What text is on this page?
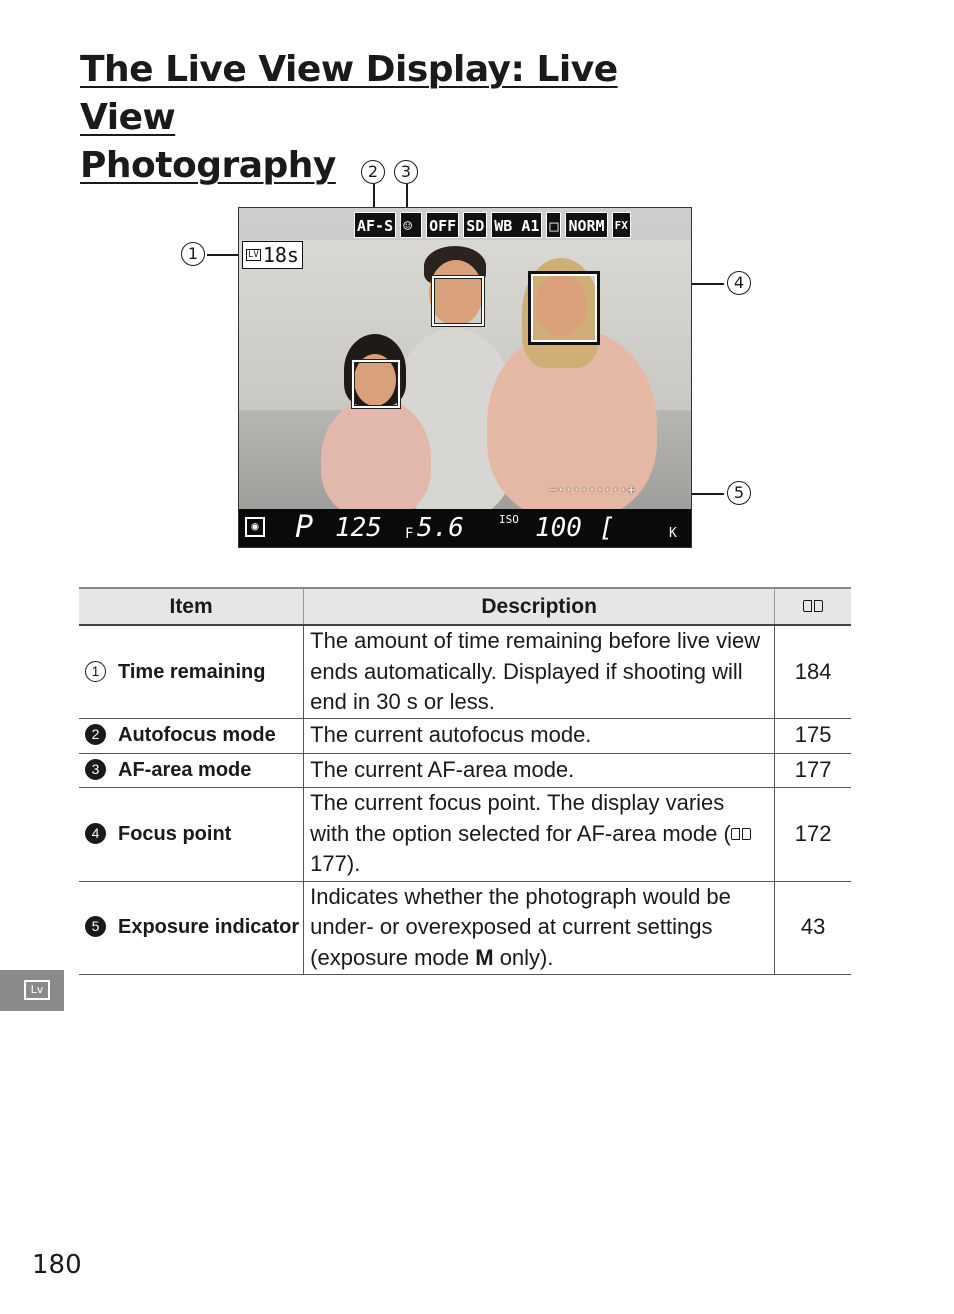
The Live View Display: Live View
Photography	2	3
1
4
5
$^{LV}$ 18s
AF-S ☺	OFF SD WB A1 □ NORM FX
−·········+
◉ P 125 F 5.6	ISO 100 [ 2.9]
K
Item	Description	
1 Time remaining	The amount of time remaining before live view ends automatically. Displayed if shooting will end in 30 s or less.	184
2 Autofocus mode	The current autofocus mode.	175
3 AF-area mode	The current AF-area mode.	177
4 Focus point	The current focus point. The display varies with the option selected for AF-area mode ( 177).	172
5 Exposure indicator	Indicates whether the photograph would be under- or overexposed at current settings (exposure mode M only).	43
Lv
180
